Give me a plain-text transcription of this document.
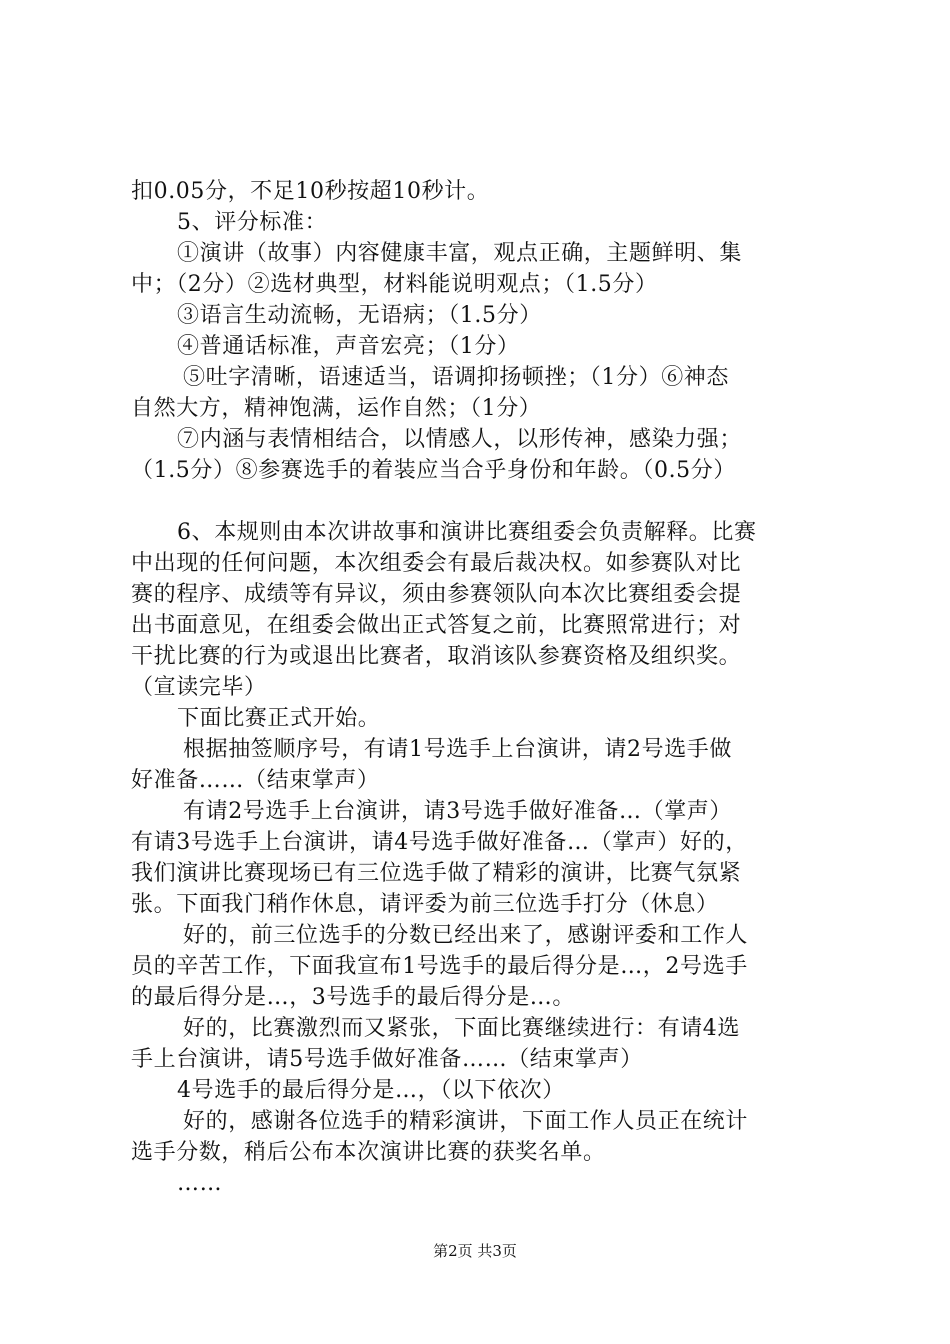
扣0.05分，不足10秒按超10秒计。
5、评分标准：
①演讲（故事）内容健康丰富，观点正确，主题鲜明、集
中；（2分）②选材典型，材料能说明观点；（1.5分）
③语言生动流畅，无语病；（1.5分）
④普通话标准，声音宏亮；（1分）
⑤吐字清晰，语速适当，语调抑扬顿挫；（1分）⑥神态
自然大方，精神饱满，运作自然；（1分）
⑦内涵与表情相结合，以情感人，以形传神，感染力强；
（1.5分）⑧参赛选手的着装应当合乎身份和年龄。（0.5分）
6、本规则由本次讲故事和演讲比赛组委会负责解释。比赛
中出现的任何问题，本次组委会有最后裁决权。如参赛队对比
赛的程序、成绩等有异议，须由参赛领队向本次比赛组委会提
出书面意见，在组委会做出正式答复之前，比赛照常进行；对
干扰比赛的行为或退出比赛者，取消该队参赛资格及组织奖。
（宣读完毕）
下面比赛正式开始。
根据抽签顺序号，有请1号选手上台演讲，请2号选手做
好准备……（结束掌声）
有请2号选手上台演讲，请3号选手做好准备…（掌声）
有请3号选手上台演讲，请4号选手做好准备…（掌声）好的，
我们演讲比赛现场已有三位选手做了精彩的演讲，比赛气氛紧
张。下面我门稍作休息，请评委为前三位选手打分（休息）
好的，前三位选手的分数已经出来了，感谢评委和工作人
员的辛苦工作，下面我宣布1号选手的最后得分是…，2号选手
的最后得分是…，3号选手的最后得分是…。
好的，比赛激烈而又紧张，下面比赛继续进行：有请4选
手上台演讲，请5号选手做好准备……（结束掌声）
4号选手的最后得分是…，（以下依次）
好的，感谢各位选手的精彩演讲，下面工作人员正在统计
选手分数，稍后公布本次演讲比赛的获奖名单。
……
第2页 共3页
